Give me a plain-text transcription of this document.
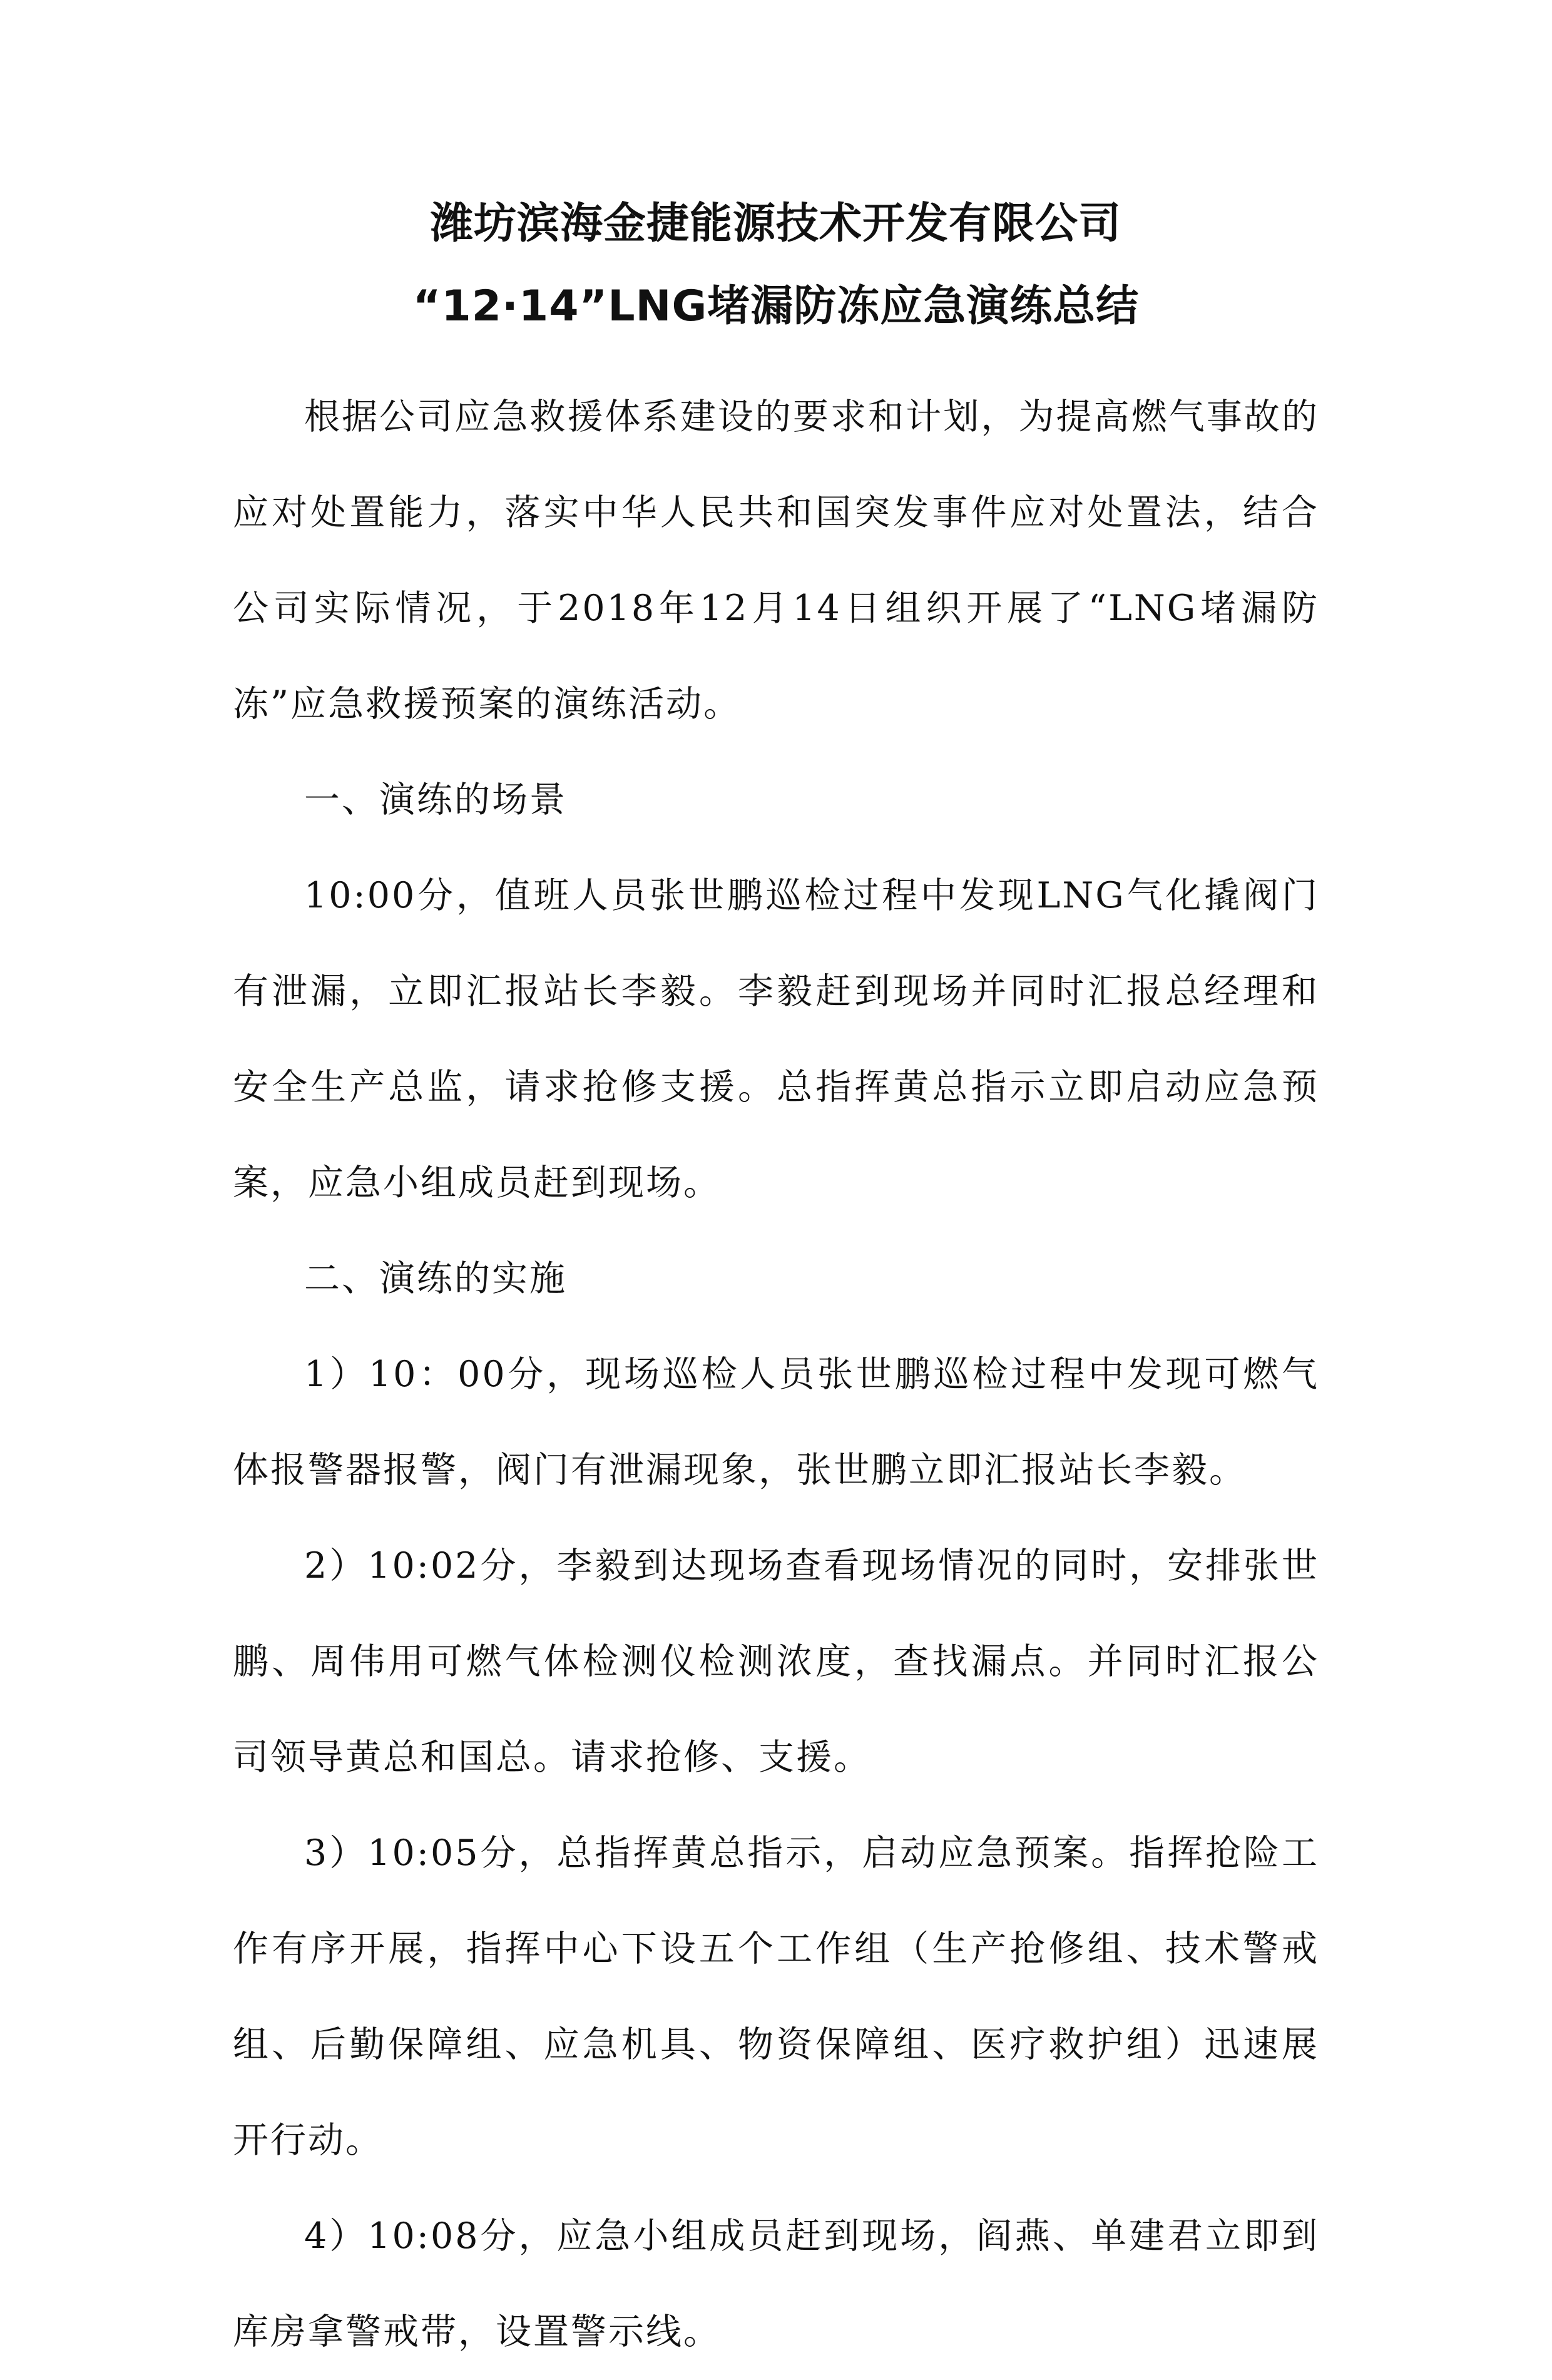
潍坊滨海金捷能源技术开发有限公司
“12·14”LNG堵漏防冻应急演练总结

根据公司应急救援体系建设的要求和计划，为提高燃气事故的应对处置能力，落实中华人民共和国突发事件应对处置法，结合公司实际情况，于2018年12月14日组织开展了“LNG堵漏防冻”应急救援预案的演练活动。

一、演练的场景

10:00分，值班人员张世鹏巡检过程中发现LNG气化撬阀门有泄漏，立即汇报站长李毅。李毅赶到现场并同时汇报总经理和安全生产总监，请求抢修支援。总指挥黄总指示立即启动应急预案，应急小组成员赶到现场。

二、演练的实施

1）10：00分，现场巡检人员张世鹏巡检过程中发现可燃气体报警器报警，阀门有泄漏现象，张世鹏立即汇报站长李毅。

2）10:02分，李毅到达现场查看现场情况的同时，安排张世鹏、周伟用可燃气体检测仪检测浓度，查找漏点。并同时汇报公司领导黄总和国总。请求抢修、支援。

3）10:05分，总指挥黄总指示，启动应急预案。指挥抢险工作有序开展，指挥中心下设五个工作组（生产抢修组、技术警戒组、后勤保障组、应急机具、物资保障组、医疗救护组）迅速展开行动。

4）10:08分，应急小组成员赶到现场，阎燕、单建君立即到库房拿警戒带，设置警示线。
